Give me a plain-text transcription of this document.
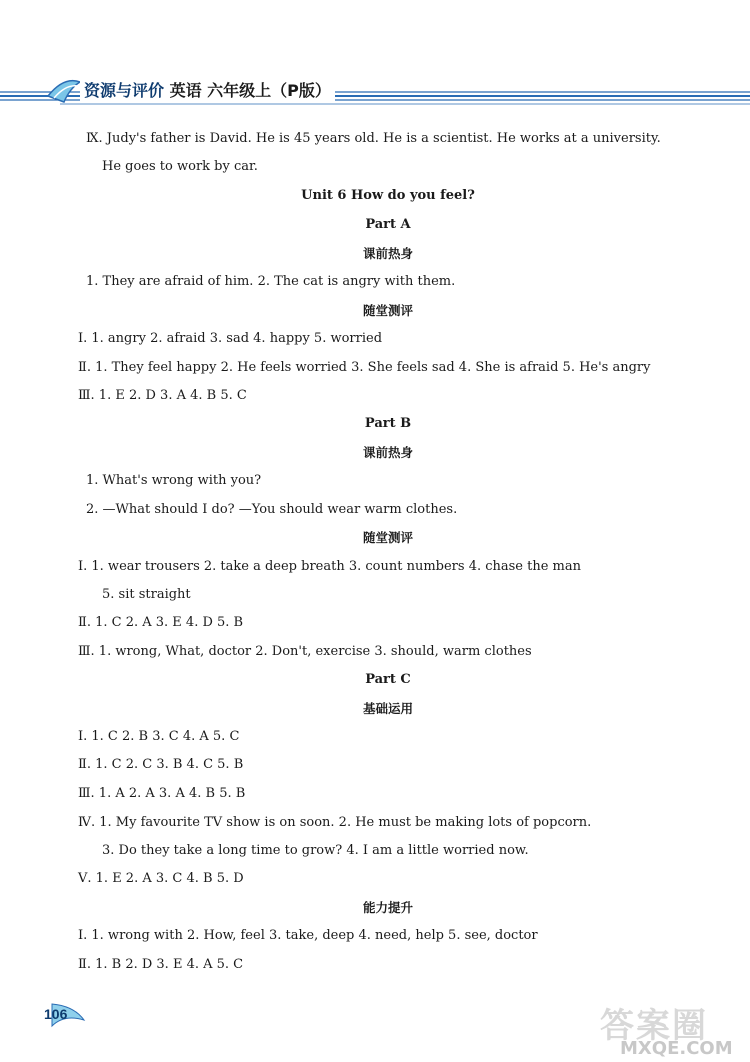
资源与评价 英语 六年级上（P版）
Ⅸ. Judy's father is David. He is 45 years old. He is a scientist. He works at a university.
He goes to work by car.
Unit 6 How do you feel?
Part A
课前热身
1. They are afraid of him. 2. The cat is angry with them.
随堂测评
Ⅰ. 1. angry 2. afraid 3. sad 4. happy 5. worried
Ⅱ. 1. They feel happy 2. He feels worried 3. She feels sad 4. She is afraid 5. He's angry
Ⅲ. 1. E 2. D 3. A 4. B 5. C
Part B
课前热身
1. What's wrong with you?
2. —What should I do? —You should wear warm clothes.
随堂测评
Ⅰ. 1. wear trousers 2. take a deep breath 3. count numbers 4. chase the man
5. sit straight
Ⅱ. 1. C 2. A 3. E 4. D 5. B
Ⅲ. 1. wrong, What, doctor 2. Don't, exercise 3. should, warm clothes
Part C
基础运用
Ⅰ. 1. C 2. B 3. C 4. A 5. C
Ⅱ. 1. C 2. C 3. B 4. C 5. B
Ⅲ. 1. A 2. A 3. A 4. B 5. B
Ⅳ. 1. My favourite TV show is on soon. 2. He must be making lots of popcorn.
3. Do they take a long time to grow? 4. I am a little worried now.
Ⅴ. 1. E 2. A 3. C 4. B 5. D
能力提升
Ⅰ. 1. wrong with 2. How, feel 3. take, deep 4. need, help 5. see, doctor
Ⅱ. 1. B 2. D 3. E 4. A 5. C
106	答案圈
MXQE.COM
